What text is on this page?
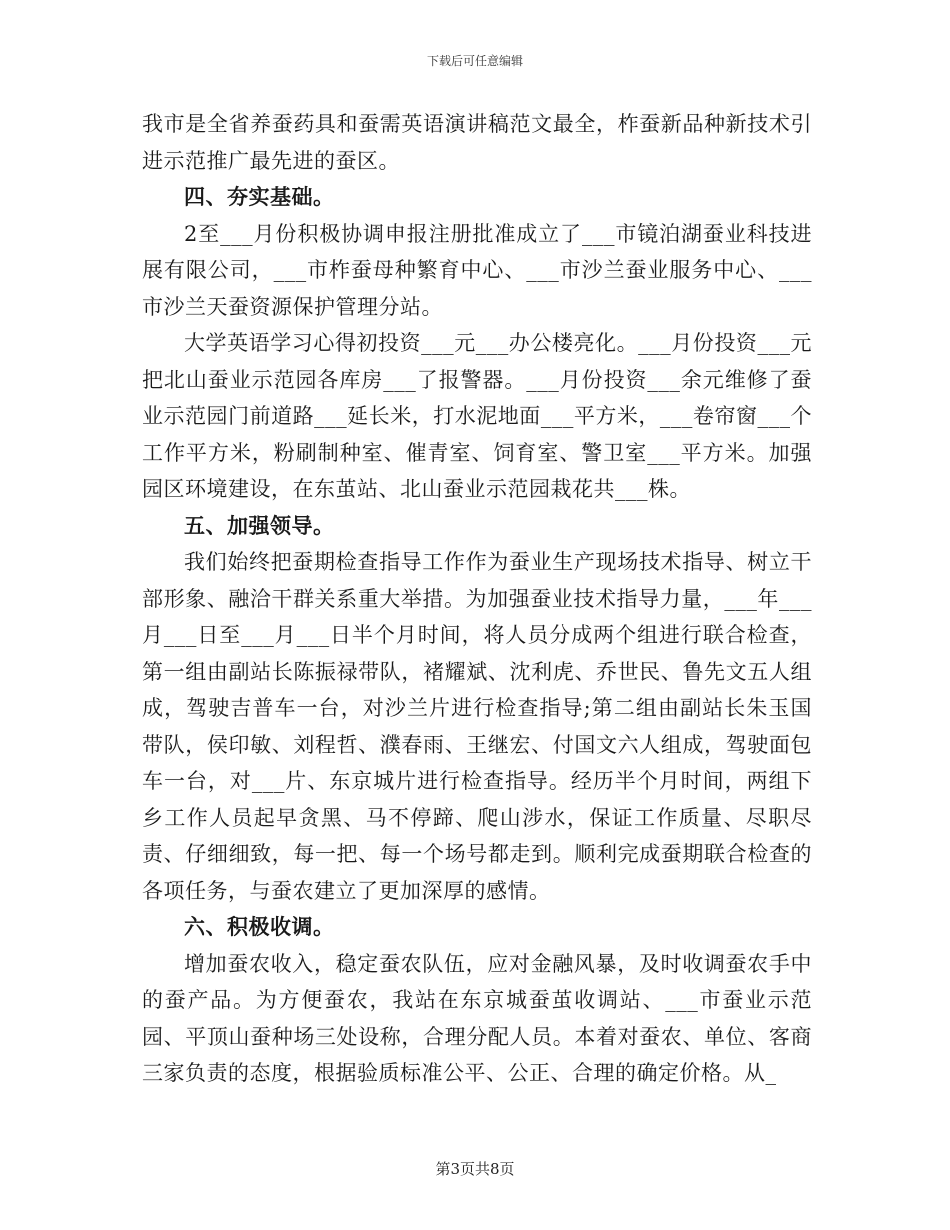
下载后可任意编辑

我市是全省养蚕药具和蚕需英语演讲稿范文最全，柞蚕新品种新技术引进示范推广最先进的蚕区。

四、夯实基础。

2至___月份积极协调申报注册批准成立了___市镜泊湖蚕业科技进展有限公司，___市柞蚕母种繁育中心、___市沙兰蚕业服务中心、___市沙兰天蚕资源保护管理分站。

大学英语学习心得初投资___元___办公楼亮化。___月份投资___元把北山蚕业示范园各库房___了报警器。___月份投资___余元维修了蚕业示范园门前道路___延长米，打水泥地面___平方米，___卷帘窗___个工作平方米，粉刷制种室、催青室、饲育室、警卫室___平方米。加强园区环境建设，在东茧站、北山蚕业示范园栽花共___株。

五、加强领导。

我们始终把蚕期检查指导工作作为蚕业生产现场技术指导、树立干部形象、融洽干群关系重大举措。为加强蚕业技术指导力量，___年___月___日至___月___日半个月时间，将人员分成两个组进行联合检查，第一组由副站长陈振禄带队，褚耀斌、沈利虎、乔世民、鲁先文五人组成，驾驶吉普车一台，对沙兰片进行检查指导;第二组由副站长朱玉国带队，侯印敏、刘程哲、濮春雨、王继宏、付国文六人组成，驾驶面包车一台，对___片、东京城片进行检查指导。经历半个月时间，两组下乡工作人员起早贪黑、马不停蹄、爬山涉水，保证工作质量、尽职尽责、仔细细致，每一把、每一个场号都走到。顺利完成蚕期联合检查的各项任务，与蚕农建立了更加深厚的感情。

六、积极收调。

增加蚕农收入，稳定蚕农队伍，应对金融风暴，及时收调蚕农手中的蚕产品。为方便蚕农，我站在东京城蚕茧收调站、___市蚕业示范园、平顶山蚕种场三处设称，合理分配人员。本着对蚕农、单位、客商三家负责的态度，根据验质标准公平、公正、合理的确定价格。从_

第3页共8页
